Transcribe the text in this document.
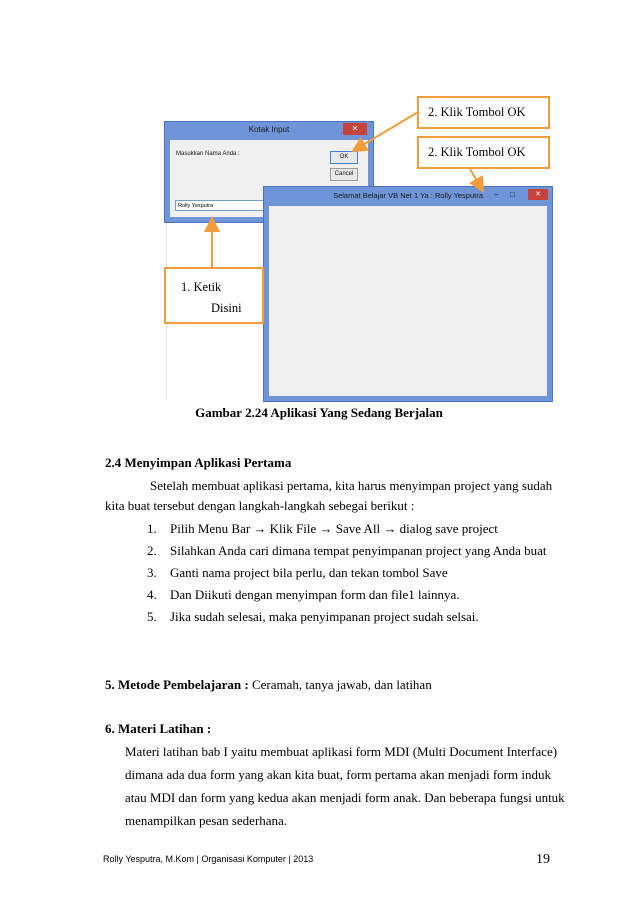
Kotak Input	✕
Masukkan Nama Anda :	OK
Cancel
Rolly Yesputra
Selamat Belajar VB Net 1 Ya : Rolly Yesputra	– □	✕
2. Klik Tombol OK
2. Klik Tombol OK
1. Ketik
Disini
Gambar 2.24 Aplikasi Yang Sedang Berjalan
2.4 Menyimpan Aplikasi Pertama
Setelah membuat aplikasi pertama, kita harus menyimpan project yang sudah
kita buat tersebut dengan langkah-langkah sebegai berikut :
1. Pilih Menu Bar → Klik File → Save All → dialog save project
2. Silahkan Anda cari dimana tempat penyimpanan project yang Anda buat
3. Ganti nama project bila perlu, dan tekan tombol Save
4. Dan Diikuti dengan menyimpan form dan file1 lainnya.
5. Jika sudah selesai, maka penyimpanan project sudah selsai.
5. Metode Pembelajaran : Ceramah, tanya jawab, dan latihan
6. Materi Latihan :
Materi latihan bab I yaitu membuat aplikasi form MDI (Multi Document Interface)
dimana ada dua form yang akan kita buat, form pertama akan menjadi form induk
atau MDI dan form yang kedua akan menjadi form anak. Dan beberapa fungsi untuk
menampilkan pesan sederhana.
Rolly Yesputra, M.Kom | Organisasi Komputer | 2013	19
